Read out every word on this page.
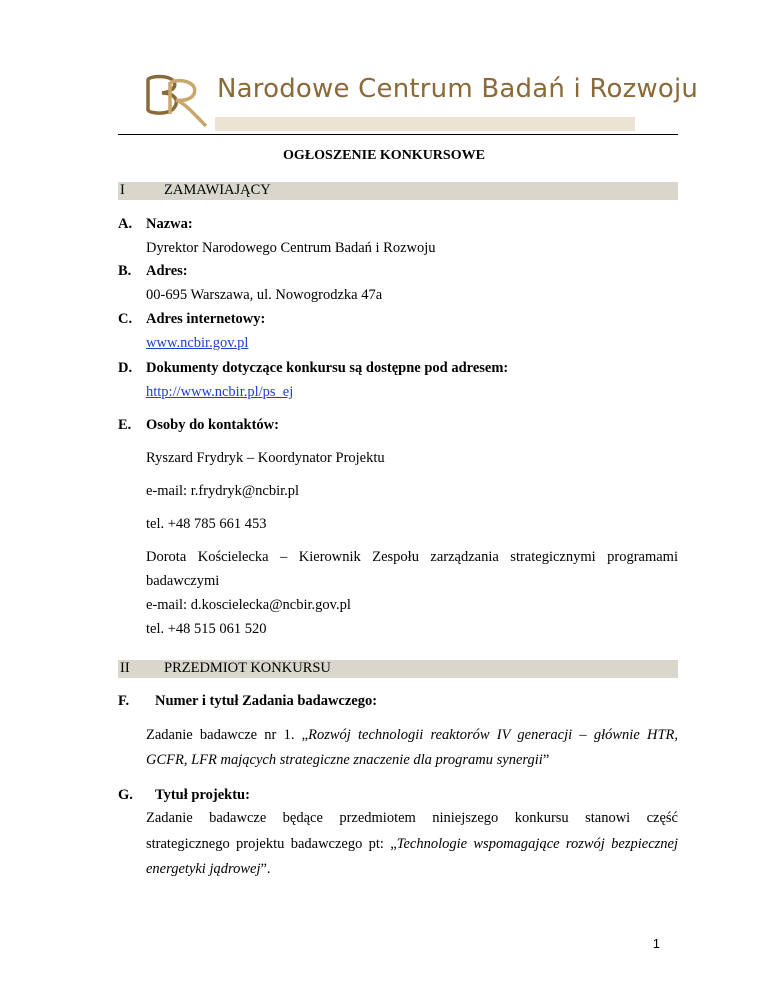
Narodowe Centrum Badań i Rozwoju
OGŁOSZENIE KONKURSOWE
I	ZAMAWIAJĄCY
A. Nazwa:
Dyrektor Narodowego Centrum Badań i Rozwoju
B. Adres:
00-695 Warszawa, ul. Nowogrodzka 47a
C. Adres internetowy:
www.ncbir.gov.pl
D. Dokumenty dotyczące konkursu są dostępne pod adresem:
http://www.ncbir.pl/ps_ej
E. Osoby do kontaktów:
Ryszard Frydryk – Koordynator Projektu
e-mail: r.frydryk@ncbir.pl
tel. +48 785 661 453
Dorota Kościelecka – Kierownik Zespołu zarządzania strategicznymi programami
badawczymi
e-mail: d.koscielecka@ncbir.gov.pl
tel. +48 515 061 520
II PRZEDMIOT KONKURSU
F. Numer i tytuł Zadania badawczego:
Zadanie badawcze nr 1. „Rozwój technologii reaktorów IV generacji – głównie HTR,
GCFR, LFR mających strategiczne znaczenie dla programu synergii”
G. Tytuł projektu:
Zadanie badawcze będące przedmiotem niniejszego konkursu stanowi część
strategicznego projektu badawczego pt: „Technologie wspomagające rozwój bezpiecznej
energetyki jądrowej”.
1
